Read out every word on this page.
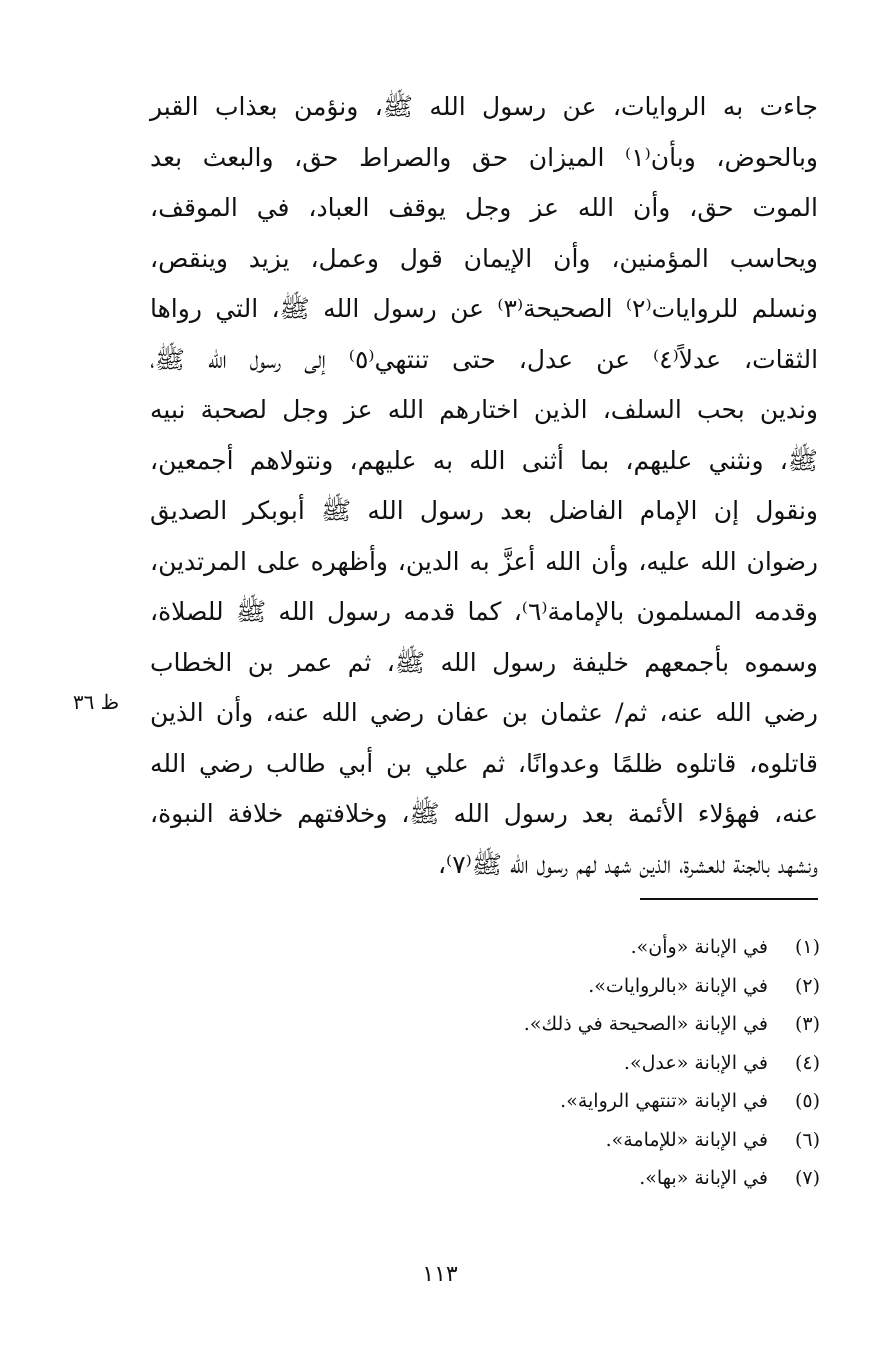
جاءت به الروايات، عن رسول الله ﷺ، ونؤمن بعذاب القبر
وبالحوض، وبأن⁽١⁾ الميزان حق والصراط حق، والبعث بعد
الموت حق، وأن الله عز وجل يوقف العباد، في الموقف،
ويحاسب المؤمنين، وأن الإيمان قول وعمل، يزيد وينقص،
ونسلم للروايات⁽٢⁾ الصحيحة⁽٣⁾ عن رسول الله ﷺ، التي رواها
الثقات، عدلاً⁽٤⁾ عن عدل، حتى تنتهي⁽٥⁾ إلى رسول الله ﷺ،
وندين بحب السلف، الذين اختارهم الله عز وجل لصحبة نبيه
ﷺ، ونثني عليهم، بما أثنى الله به عليهم، ونتولاهم أجمعين،
ونقول إن الإمام الفاضل بعد رسول الله ﷺ أبوبكر الصديق
رضوان الله عليه، وأن الله أعزَّ به الدين، وأظهره على المرتدين،
وقدمه المسلمون بالإمامة⁽٦⁾، كما قدمه رسول الله ﷺ للصلاة،
وسموه بأجمعهم خليفة رسول الله ﷺ، ثم عمر بن الخطاب
رضي الله عنه، ثم/ عثمان بن عفان رضي الله عنه، وأن الذين
قاتلوه، قاتلوه ظلمًا وعدوانًا، ثم علي بن أبي طالب رضي الله
عنه، فهؤلاء الأئمة بعد رسول الله ﷺ، وخلافتهم خلافة النبوة،
ونشهد بالجنة للعشرة، الذين شهد لهم رسول الله ﷺ⁽٧⁾،
ظ ٣٦
(١)في الإبانة «وأن».
(٢)في الإبانة «بالروايات».
(٣)في الإبانة «الصحيحة في ذلك».
(٤)في الإبانة «عدل».
(٥)في الإبانة «تنتهي الرواية».
(٦)في الإبانة «للإمامة».
(٧)في الإبانة «بها».
١١٣
